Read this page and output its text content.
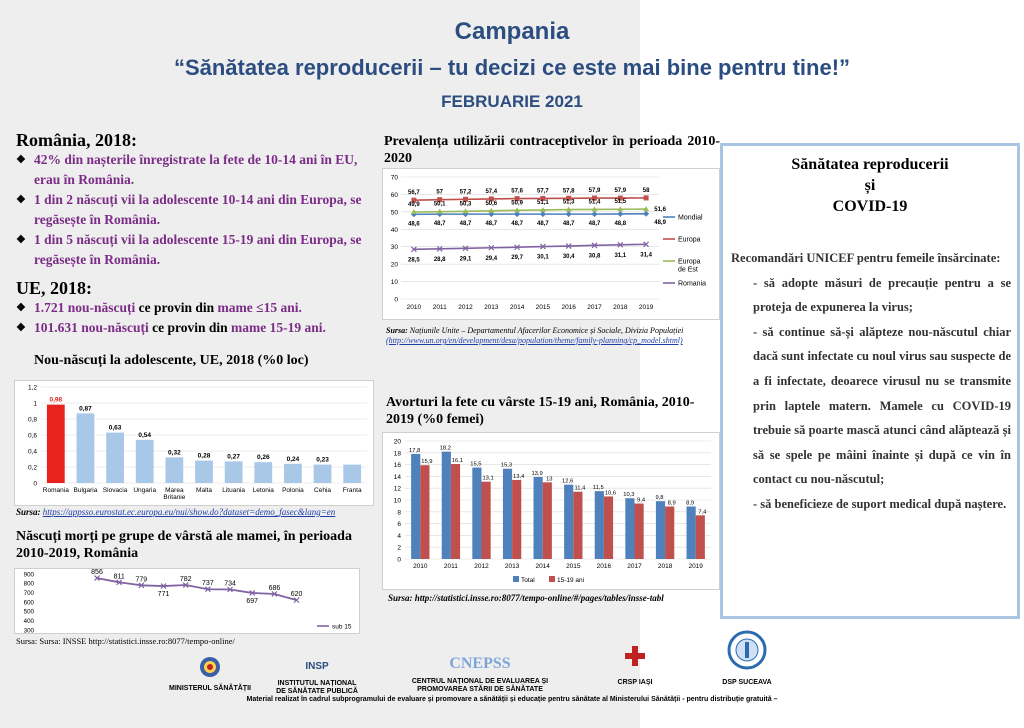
Campania
“Sănătatea reproducerii – tu decizi ce este mai bine pentru tine!”
FEBRUARIE 2021
România, 2018:
❖ 42% din nașterile înregistrate la fete de 10-14 ani în EU, erau în România.
❖ 1 din 2 născuți vii la adolescente 10-14 ani din Europa, se regăsește în România.
❖ 1 din 5 născuți vii la adolescente 15-19 ani din Europa, se regăsește în România.
UE, 2018:
❖ 1.721 nou-născuți ce provin din mame ≤15 ani.
❖ 101.631 nou-născuți ce provin din mame 15-19 ani.
Nou-născuți la adolescente, UE, 2018 (%0 loc)
0
0,2
0,4
0,6
0,8
1
1,2
0,98
Romania
0,87
Bulgaria
0,63
Slovacia
0,54
Ungaria
0,32
Marea
Britanie
0,28
Malta
0,27
Lituania
0,26
Letonia
0,24
Polonia
0,23
Cehia Franta
Sursa: https://appsso.eurostat.ec.europa.eu/nui/show.do?dataset=demo_fasec&lang=en
Născuți morți pe grupe de vârstă ale mamei, în perioada 2010-2019, România
300
400
500
600
700
800
900	856
811 779
771
782
737 734
697
686
620
sub 15
Sursa: Sursa: INSSE http://statistici.insse.ro:8077/tempo-online/
Prevalența utilizării contraceptivelor în perioada 2010-2020
0
10
20
30
40
50
60
70
2010 2011 2012 2013 2014 2015 2016 2017 2018 2019
48,6 48,7 48,7 48,7 48,7 48,7 48,7 48,7 48,8	48,9
Mondial
56,7	57	57,2 57,4 57,6 57,7 57,8 57,9 57,9	58
Europa
49,9 50,1 50,3 50,6 50,9 51,1 51,3 51,4 51,5
51,6
Europa
de Est
28,5 28,8 29,1 29,4 29,7 30,1 30,4 30,8 31,1 31,4
Romania
Sursa: Națiunile Unite – Departamentul Afacerilor Economice și Sociale, Divizia Populației
(http://www.un.org/en/development/desa/population/theme/family-planning/cp_model.shtml)
Avorturi la fete cu vârste 15-19 ani, România, 2010-2019 (%0 femei)
0
2
4
6
8
10
12
14
16
18
20
2010
17,8
15,9
2011
18,2
16,1
2012
15,5
13,1
2013
15,3
13,4
2014
13,9
13
2015
12,6
11,4
2016
11,5
10,6
2017
10,3
9,4
2018
9,8
8,9
2019
8,9
7,4
Total	15-19 ani
Sursa: http://statistici.insse.ro:8077/tempo-online/#/pages/tables/insse-tabl
Sănătatea reproducerii
și
COVID-19

Recomandări UNICEF pentru femeile însărcinate:

- să adopte măsuri de precauție pentru a se proteja de expunerea la virus;

- să continue să-și alăpteze nou-născutul chiar dacă sunt infectate cu noul virus sau suspecte de a fi infectate, deoarece virusul nu se transmite prin laptele matern. Mamele cu COVID-19 trebuie să poarte mască atunci când alăptează și să se spele pe mâini înainte și după ce vin în contact cu nou-născutul;

- să beneficieze de suport medical după naștere.

MINISTERUL SĂNĂTĂȚII
INSP
INSTITUTUL NAȚIONAL
DE SĂNĂTATE PUBLICĂ
CNEPSS
CENTRUL NAȚIONAL DE EVALUAREA ȘI
PROMOVAREA STĂRII DE SĂNĂTATE
CRSP IAȘI	DSP SUCEAVA
Material realizat în cadrul subprogramului de evaluare și promovare a sănătății și educație pentru sănătate al Ministerului Sănătății - pentru distribuție gratuită –
